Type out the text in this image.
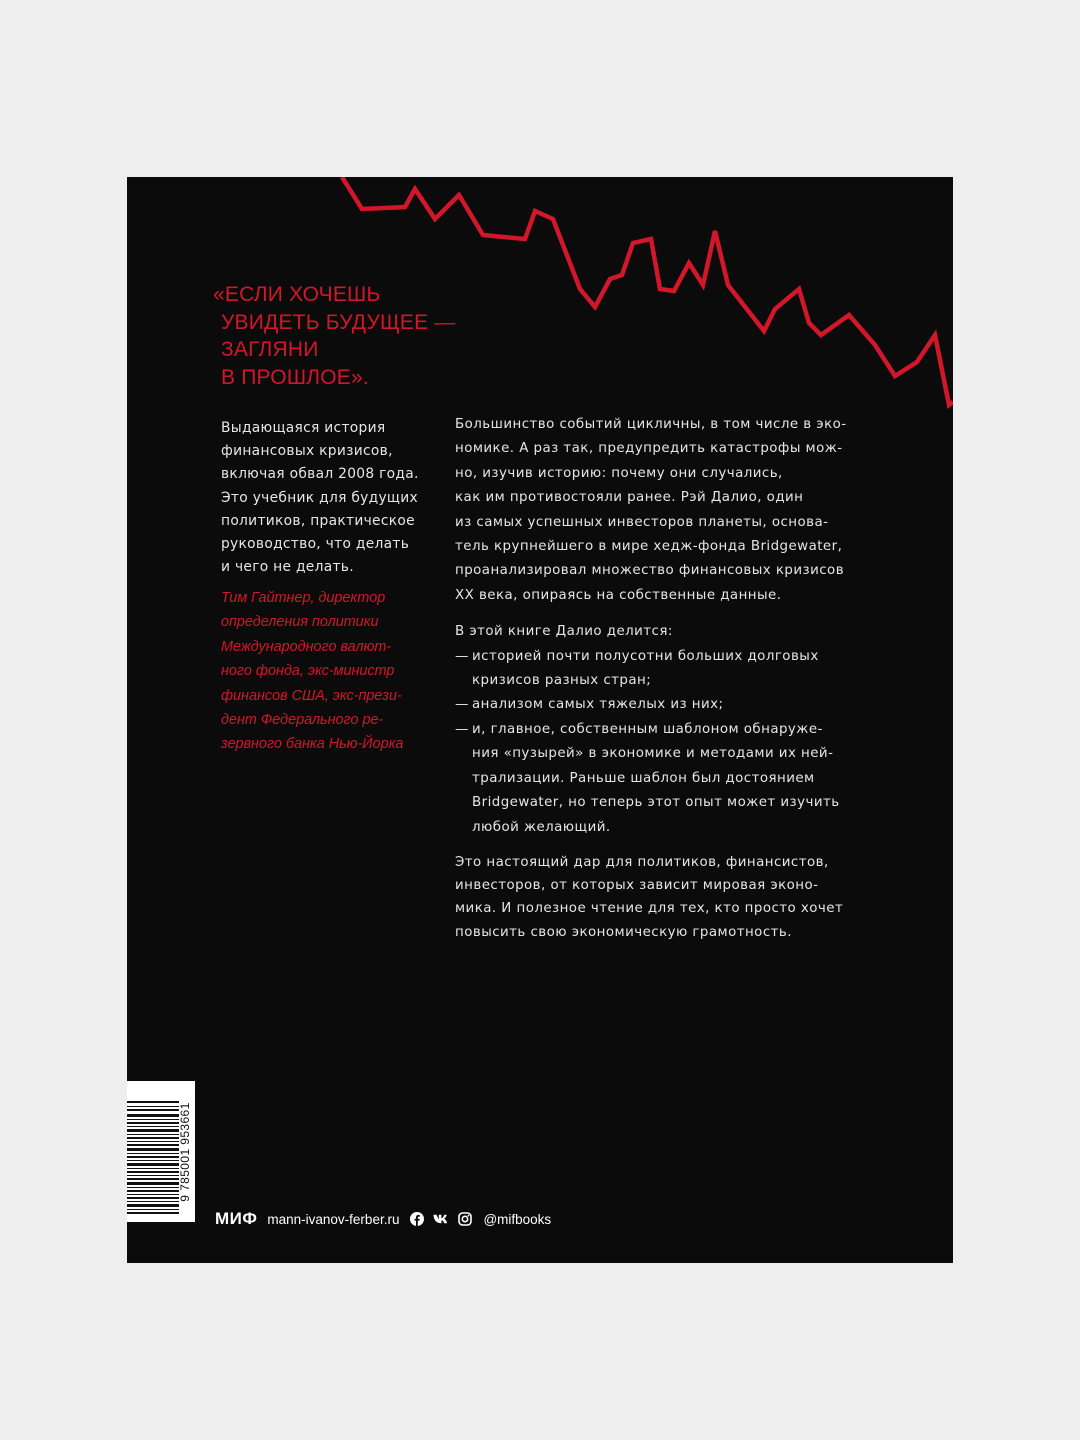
«ЕСЛИ ХОЧЕШЬ
УВИДЕТЬ БУДУЩЕЕ —
ЗАГЛЯНИ
В ПРОШЛОЕ».

Выдающаяся история
финансовых кризисов,
включая обвал 2008 года.
Это учебник для будущих
политиков, практическое
руководство, что делать
и чего не делать.

Тим Гайтнер, директор
определения политики
Международного валют-
ного фонда, экс-министр
финансов США, экс-прези-
дент Федерального ре-
зервного банка Нью-Йорка

Большинство событий цикличны, в том числе в эко-
номике. А раз так, предупредить катастрофы мож-
но, изучив историю: почему они случались,
как им противостояли ранее. Рэй Далио, один
из самых успешных инвесторов планеты, основа-
тель крупнейшего в мире хедж-фонда Bridgewater,
проанализировал множество финансовых кризисов
XX века, опираясь на собственные данные.

В этой книге Далио делится:

— историей почти полусотни больших долговых
кризисов разных стран;
— анализом самых тяжелых из них;
— и, главное, собственным шаблоном обнаруже-
ния «пузырей» в экономике и методами их ней-
трализации. Раньше шаблон был достоянием
Bridgewater, но теперь этот опыт может изучить
любой желающий.

Это настоящий дар для политиков, финансистов,
инвесторов, от которых зависит мировая эконо-
мика. И полезное чтение для тех, кто просто хочет
повысить свою экономическую грамотность.

9 785001 953661
МИФ mann-ivanov-ferber.ru	@mifbooks
